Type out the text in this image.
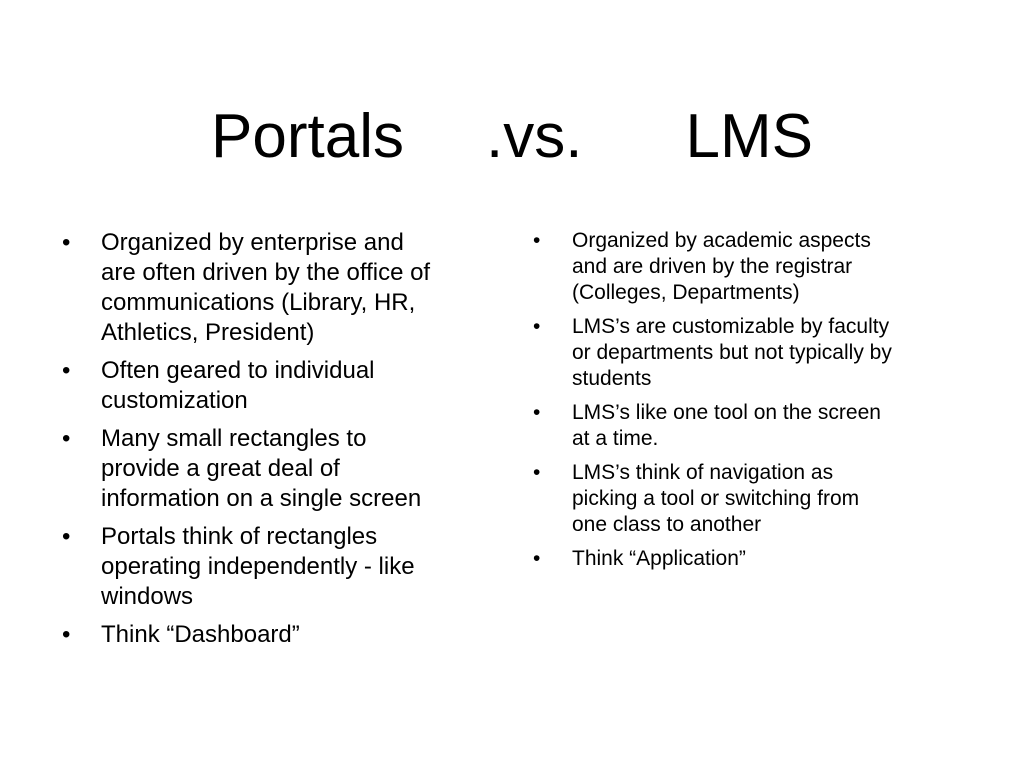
Portals .vs. LMS
• Organized by enterprise and
are often driven by the office of
communications (Library, HR,
Athletics, President)
• Often geared to individual
customization
• Many small rectangles to
provide a great deal of
information on a single screen
• Portals think of rectangles
operating independently - like
windows
• Think “Dashboard”
• Organized by academic aspects
and are driven by the registrar
(Colleges, Departments)
• LMS’s are customizable by faculty
or departments but not typically by
students
• LMS’s like one tool on the screen
at a time.
• LMS’s think of navigation as
picking a tool or switching from
one class to another
• Think “Application”
